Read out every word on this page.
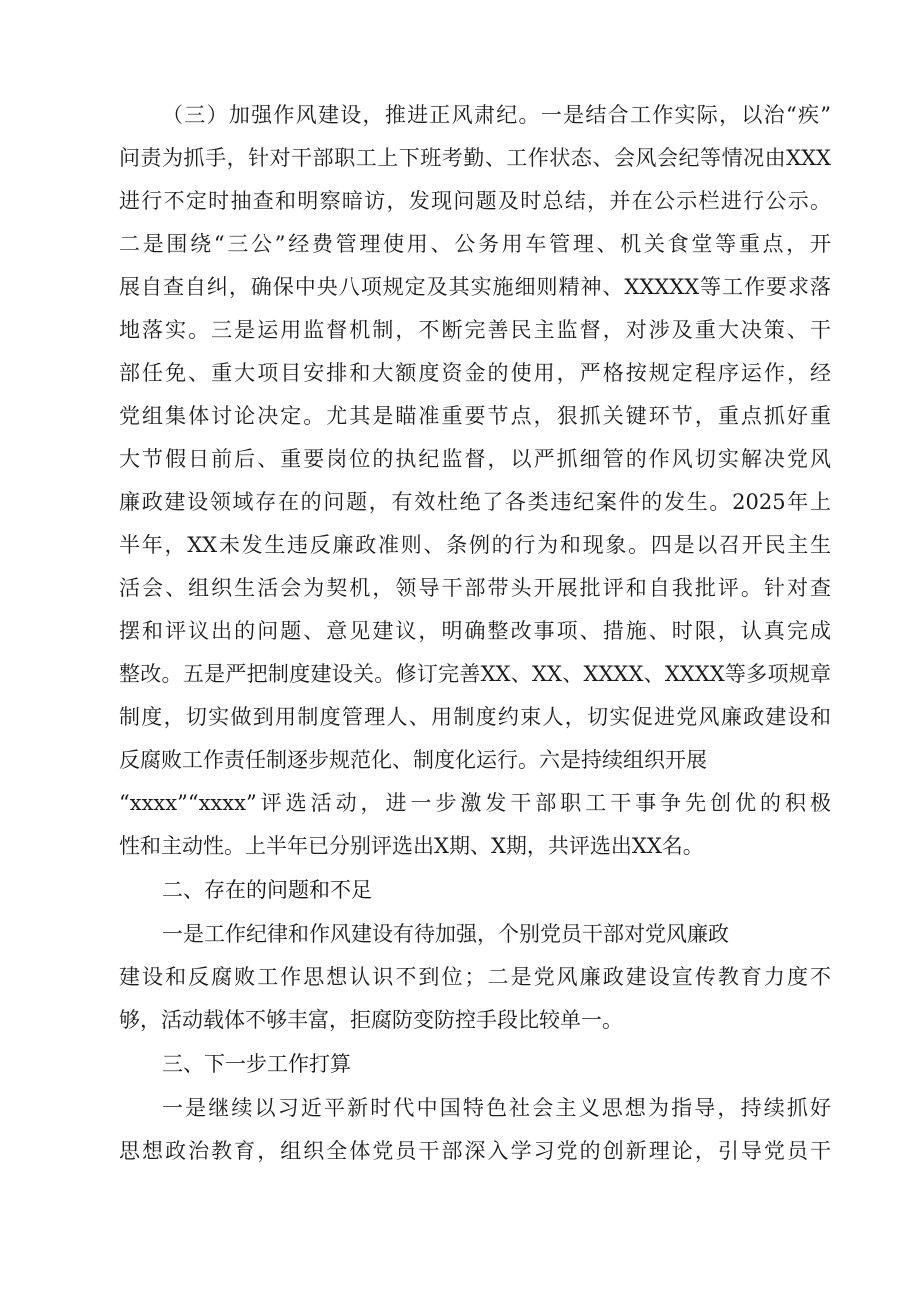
（三）加强作风建设，推进正风肃纪。一是结合工作实际，以治“疾”
问责为抓手，针对干部职工上下班考勤、工作状态、会风会纪等情况由XXX
进行不定时抽查和明察暗访，发现问题及时总结，并在公示栏进行公示。
二是围绕“三公”经费管理使用、公务用车管理、机关食堂等重点，开
展自查自纠，确保中央八项规定及其实施细则精神、XXXXX等工作要求落
地落实。三是运用监督机制，不断完善民主监督，对涉及重大决策、干
部任免、重大项目安排和大额度资金的使用，严格按规定程序运作，经
党组集体讨论决定。尤其是瞄准重要节点，狠抓关键环节，重点抓好重
大节假日前后、重要岗位的执纪监督，以严抓细管的作风切实解决党风
廉政建设领域存在的问题，有效杜绝了各类违纪案件的发生。2025年上
半年，XX未发生违反廉政准则、条例的行为和现象。四是以召开民主生
活会、组织生活会为契机，领导干部带头开展批评和自我批评。针对查
摆和评议出的问题、意见建议，明确整改事项、措施、时限，认真完成
整改。五是严把制度建设关。修订完善XX、XX、XXXX、XXXX等多项规章
制度，切实做到用制度管理人、用制度约束人，切实促进党风廉政建设和
反腐败工作责任制逐步规范化、制度化运行。六是持续组织开展
“xxxx”“xxxx”评选活动，进一步激发干部职工干事争先创优的积极
性和主动性。上半年已分别评选出X期、X期，共评选出XX名。
二、存在的问题和不足
一是工作纪律和作风建设有待加强，个别党员干部对党风廉政
建设和反腐败工作思想认识不到位；二是党风廉政建设宣传教育力度不
够，活动载体不够丰富，拒腐防变防控手段比较单一。
三、下一步工作打算
一是继续以习近平新时代中国特色社会主义思想为指导，持续抓好
思想政治教育，组织全体党员干部深入学习党的创新理论，引导党员干
